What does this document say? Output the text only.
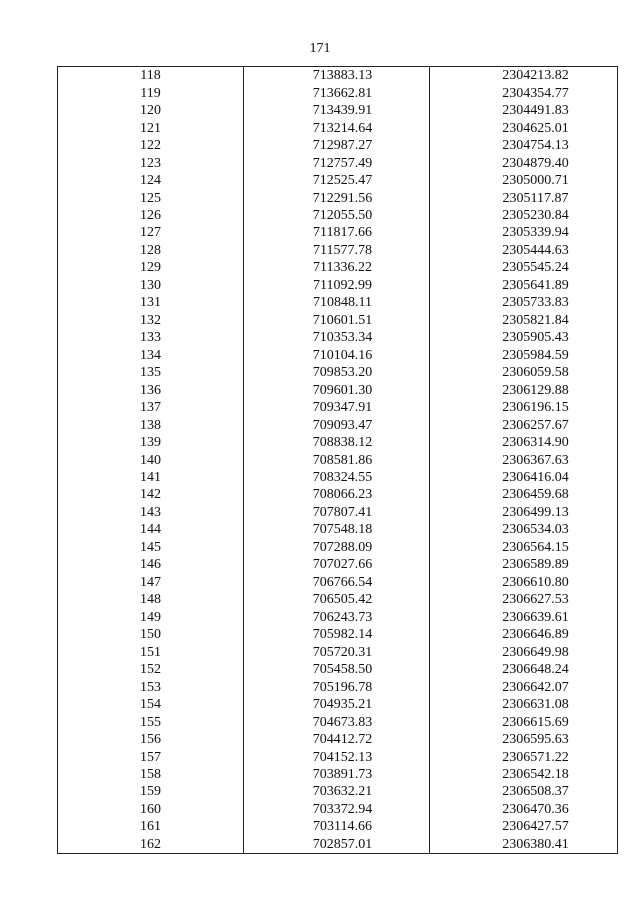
171
118	713883.13	2304213.82
119	713662.81	2304354.77
120	713439.91	2304491.83
121	713214.64	2304625.01
122	712987.27	2304754.13
123	712757.49	2304879.40
124	712525.47	2305000.71
125	712291.56	2305117.87
126	712055.50	2305230.84
127	711817.66	2305339.94
128	711577.78	2305444.63
129	711336.22	2305545.24
130	711092.99	2305641.89
131	710848.11	2305733.83
132	710601.51	2305821.84
133	710353.34	2305905.43
134	710104.16	2305984.59
135	709853.20	2306059.58
136	709601.30	2306129.88
137	709347.91	2306196.15
138	709093.47	2306257.67
139	708838.12	2306314.90
140	708581.86	2306367.63
141	708324.55	2306416.04
142	708066.23	2306459.68
143	707807.41	2306499.13
144	707548.18	2306534.03
145	707288.09	2306564.15
146	707027.66	2306589.89
147	706766.54	2306610.80
148	706505.42	2306627.53
149	706243.73	2306639.61
150	705982.14	2306646.89
151	705720.31	2306649.98
152	705458.50	2306648.24
153	705196.78	2306642.07
154	704935.21	2306631.08
155	704673.83	2306615.69
156	704412.72	2306595.63
157	704152.13	2306571.22
158	703891.73	2306542.18
159	703632.21	2306508.37
160	703372.94	2306470.36
161	703114.66	2306427.57
162	702857.01	2306380.41
